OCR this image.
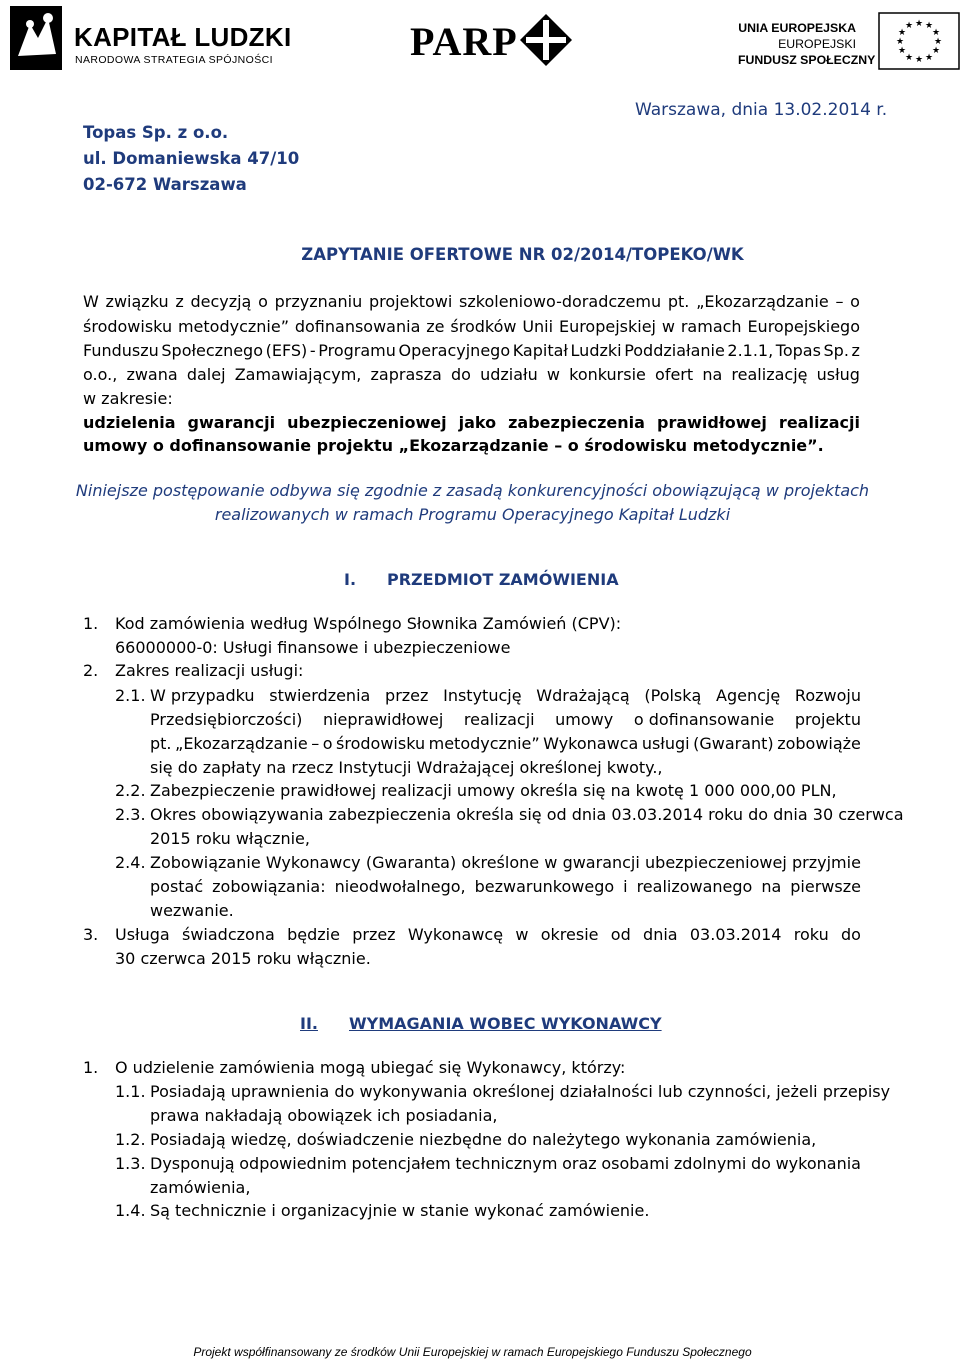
KAPITAŁ LUDZKI
NARODOWA STRATEGIA SPÓJNOŚCI	PARP	UNIA EUROPEJSKA
EUROPEJSKI
FUNDUSZ SPOŁECZNY
★ ★
★
★
★
★
★
★
★
★
★
★
Topas Sp. z o.o.
ul. Domaniewska 47/10
02-672 Warszawa
Warszawa, dnia 13.02.2014 r.
ZAPYTANIE OFERTOWE NR 02/2014/TOPEKO/WK
W związku z decyzją o przyznaniu projektowi szkoleniowo-doradczemu pt. „Ekozarządzanie – o
środowisku metodycznie” dofinansowania ze środków Unii Europejskiej w ramach Europejskiego
Funduszu Społecznego (EFS) - Programu Operacyjnego Kapitał Ludzki Poddziałanie 2.1.1, Topas Sp. z
o.o., zwana dalej Zamawiającym, zaprasza do udziału w konkursie ofert na realizację usług
w zakresie:
udzielenia gwarancji ubezpieczeniowej jako zabezpieczenia prawidłowej realizacji
umowy o dofinansowanie projektu „Ekozarządzanie – o środowisku metodycznie”.
Niniejsze postępowanie odbywa się zgodnie z zasadą konkurencyjności obowiązującą w projektach
realizowanych w ramach Programu Operacyjnego Kapitał Ludzki
I. PRZEDMIOT ZAMÓWIENIA
1. Kod zamówienia według Wspólnego Słownika Zamówień (CPV):
66000000-0: Usługi finansowe i ubezpieczeniowe
2. Zakres realizacji usługi:
2.1. W przypadku stwierdzenia przez Instytucję Wdrażającą (Polską Agencję Rozwoju
Przedsiębiorczości) nieprawidłowej realizacji umowy o dofinansowanie projektu
pt. „Ekozarządzanie – o środowisku metodycznie” Wykonawca usługi (Gwarant) zobowiąże
się do zapłaty na rzecz Instytucji Wdrażającej określonej kwoty.,
2.2. Zabezpieczenie prawidłowej realizacji umowy określa się na kwotę 1 000 000,00 PLN,
2.3. Okres obowiązywania zabezpieczenia określa się od dnia 03.03.2014 roku do dnia 30 czerwca
2015 roku włącznie,
2.4. Zobowiązanie Wykonawcy (Gwaranta) określone w gwarancji ubezpieczeniowej przyjmie
postać zobowiązania: nieodwołalnego, bezwarunkowego i realizowanego na pierwsze
wezwanie.
3. Usługa świadczona będzie przez Wykonawcę w okresie od dnia 03.03.2014 roku do
30 czerwca 2015 roku włącznie.
II. WYMAGANIA WOBEC WYKONAWCY
1. O udzielenie zamówienia mogą ubiegać się Wykonawcy, którzy:
1.1. Posiadają uprawnienia do wykonywania określonej działalności lub czynności, jeżeli przepisy
prawa nakładają obowiązek ich posiadania,
1.2. Posiadają wiedzę, doświadczenie niezbędne do należytego wykonania zamówienia,
1.3. Dysponują odpowiednim potencjałem technicznym oraz osobami zdolnymi do wykonania
zamówienia,
1.4. Są technicznie i organizacyjnie w stanie wykonać zamówienie.
Projekt współfinansowany ze środków Unii Europejskiej w ramach Europejskiego Funduszu Społecznego
